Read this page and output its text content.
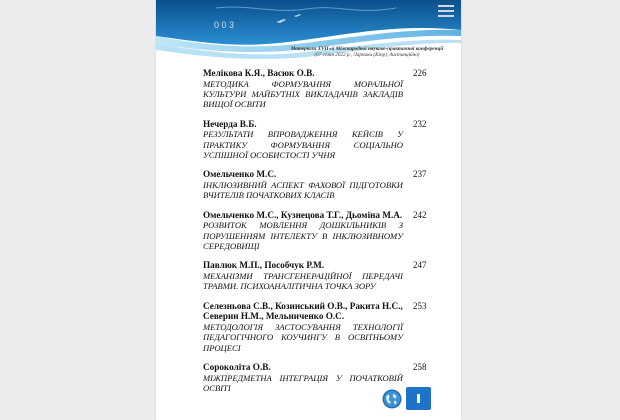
0 0 3
Матеріали XVII-ої Міжнародної науково-практичної конференції
(07 січня 2022 р., Ларнака (Кіпр), дистанційно)
Мелікова К.Я., Васюк О.В.
МЕТОДИКА ФОРМУВАННЯ МОРАЛЬНОЇ КУЛЬТУРИ МАЙБУТНІХ ВИКЛАДАЧІВ ЗАКЛАДІВ ВИЩОЇ ОСВІТИ
226
Нечерда В.Б.
РЕЗУЛЬТАТИ ВПРОВАДЖЕННЯ КЕЙСІВ У ПРАКТИКУ ФОРМУВАННЯ СОЦІАЛЬНО УСПІШНОЇ ОСОБИСТОСТІ УЧНЯ
232
Омельченко М.С.
ІНКЛЮЗИВНИЙ АСПЕКТ ФАХОВОЇ ПІДГОТОВКИ ВЧИТЕЛІВ ПОЧАТКОВИХ КЛАСІВ
237
Омельченко М.С., Кузнецова Т.Г., Дьоміна М.А.
РОЗВИТОК МОВЛЕННЯ ДОШКІЛЬНИКІВ З ПОРУШЕННЯМ ІНТЕЛЕКТУ В ІНКЛЮЗИВНОМУ СЕРЕДОВИЩІ
242
Павлюк М.П., Пособчук Р.М.
МЕХАНІЗМИ ТРАНСГЕНЕРАЦІЙНОЇ ПЕРЕДАЧІ ТРАВМИ. ПСИХОАНАЛІТИЧНА ТОЧКА ЗОРУ
247
Селезньова С.В., Козинський О.В., Ракита Н.С., Северин Н.М., Мельниченко О.С.
МЕТОДОЛОГІЯ ЗАСТОСУВАННЯ ТЕХНОЛОГІЇ ПЕДАГОГІЧНОГО КОУЧИНГУ В ОСВІТНЬОМУ ПРОЦЕСІ
253
Сороколіта О.В.
МІЖПРЕДМЕТНА ІНТЕГРАЦІЯ У ПОЧАТКОВІЙ ОСВІТІ
258
